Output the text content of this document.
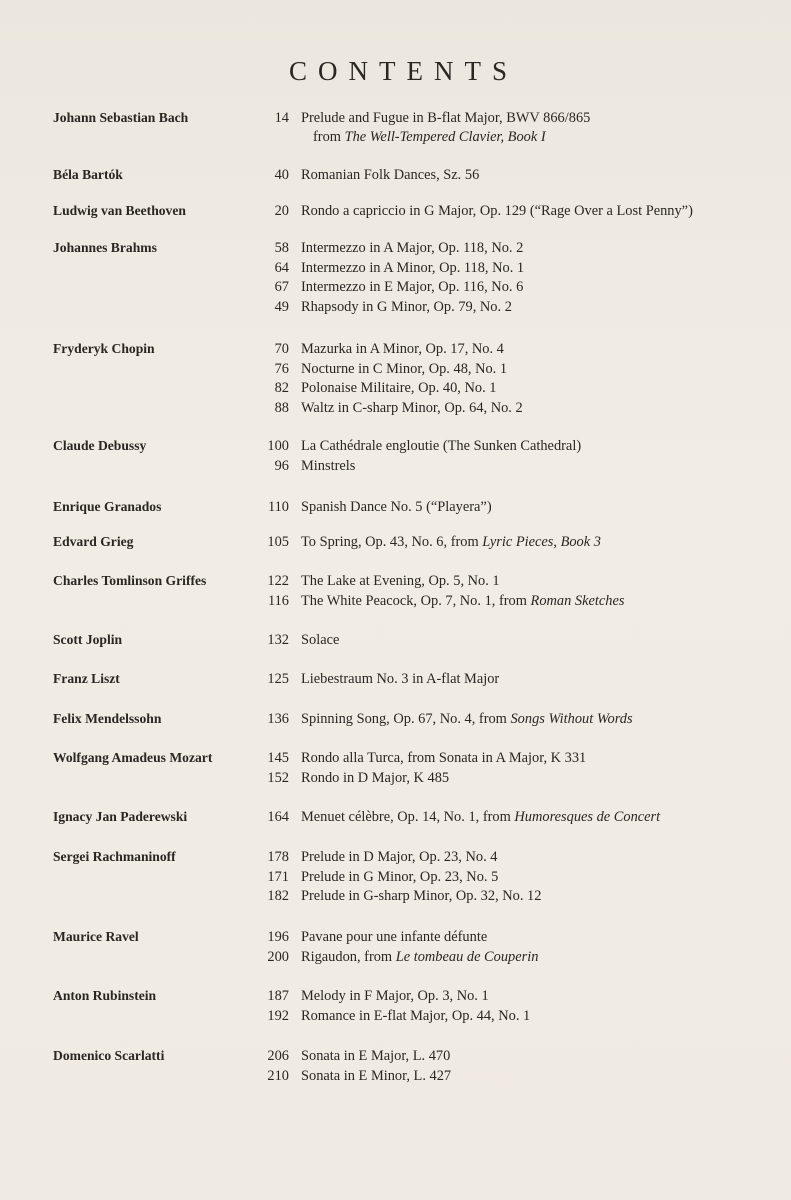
CONTENTS
Johann Sebastian Bach	14 Prelude and Fugue in B-flat Major, BWV 866/865
from The Well-Tempered Clavier, Book I
Béla Bartók	40 Romanian Folk Dances, Sz. 56
Ludwig van Beethoven	20 Rondo a capriccio in G Major, Op. 129 (“Rage Over a Lost Penny”)
Johannes Brahms	58 Intermezzo in A Major, Op. 118, No. 2
64 Intermezzo in A Minor, Op. 118, No. 1
67 Intermezzo in E Major, Op. 116, No. 6
49 Rhapsody in G Minor, Op. 79, No. 2
Fryderyk Chopin	70 Mazurka in A Minor, Op. 17, No. 4
76 Nocturne in C Minor, Op. 48, No. 1
82 Polonaise Militaire, Op. 40, No. 1
88 Waltz in C-sharp Minor, Op. 64, No. 2
Claude Debussy	100 La Cathédrale engloutie (The Sunken Cathedral)
96 Minstrels
Enrique Granados	110 Spanish Dance No. 5 (“Playera”)
Edvard Grieg	105 To Spring, Op. 43, No. 6, from Lyric Pieces, Book 3
Charles Tomlinson Griffes	122 The Lake at Evening, Op. 5, No. 1
116 The White Peacock, Op. 7, No. 1, from Roman Sketches
Scott Joplin	132 Solace
Franz Liszt	125 Liebestraum No. 3 in A-flat Major
Felix Mendelssohn	136 Spinning Song, Op. 67, No. 4, from Songs Without Words
Wolfgang Amadeus Mozart	145 Rondo alla Turca, from Sonata in A Major, K 331
152 Rondo in D Major, K 485
Ignacy Jan Paderewski	164 Menuet célèbre, Op. 14, No. 1, from Humoresques de Concert
Sergei Rachmaninoff	178 Prelude in D Major, Op. 23, No. 4
171 Prelude in G Minor, Op. 23, No. 5
182 Prelude in G-sharp Minor, Op. 32, No. 12
Maurice Ravel	196 Pavane pour une infante défunte
200 Rigaudon, from Le tombeau de Couperin
Anton Rubinstein	187 Melody in F Major, Op. 3, No. 1
192 Romance in E-flat Major, Op. 44, No. 1
Domenico Scarlatti	206 Sonata in E Major, L. 470
210 Sonata in E Minor, L. 427
